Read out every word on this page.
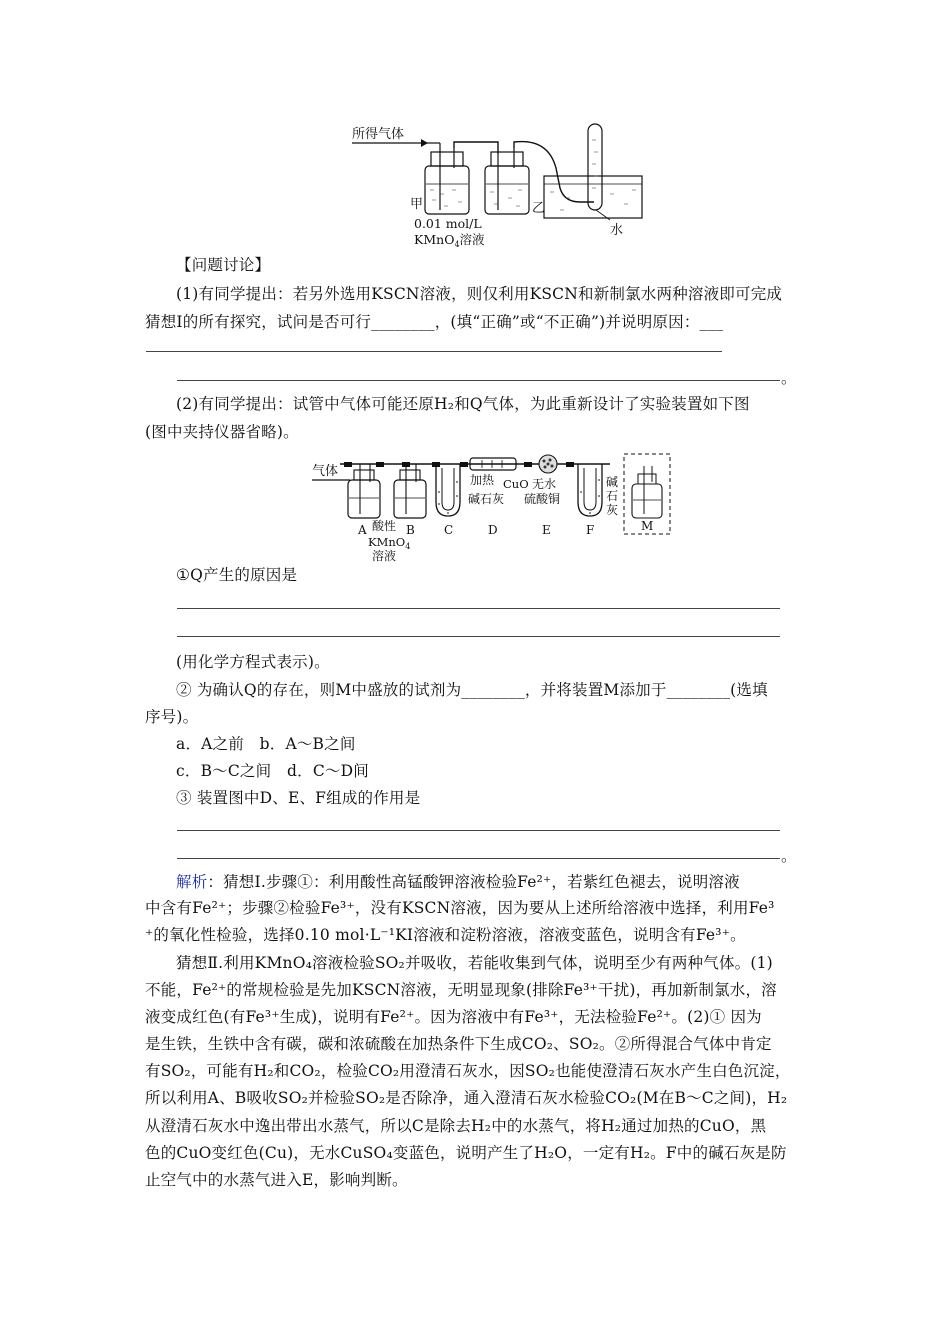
所得气体
甲	乙
水
0.01 mol/L
KMnO$_4$溶液
【问题讨论】
(1)有同学提出：若另外选用KSCN溶液，则仅利用KSCN和新制氯水两种溶液即可完成
猜想Ⅰ的所有探究，试问是否可行________，(填“正确”或“不正确”)并说明原因：___
。
(2)有同学提出：试管中气体可能还原H₂和Q气体，为此重新设计了实验装置如下图
(图中夹持仪器省略)。
气体
加热 CuO 无水
硫酸铜
碱石灰
碱
石
灰
A 酸性 B
KMnO$_4$
溶液
C	D	E	F	M
①Q产生的原因是
(用化学方程式表示)。
② 为确认Q的存在，则M中盛放的试剂为________，并将装置M添加于________(选填
序号)。
a．A之前　b．A～B之间
c．B～C之间　d．C～D间
③ 装置图中D、E、F组成的作用是
。
解析：猜想Ⅰ.步骤①：利用酸性高锰酸钾溶液检验Fe²⁺，若紫红色褪去，说明溶液
中含有Fe²⁺；步骤②检验Fe³⁺，没有KSCN溶液，因为要从上述所给溶液中选择，利用Fe³
⁺的氧化性检验，选择0.10 mol·L⁻¹KI溶液和淀粉溶液，溶液变蓝色，说明含有Fe³⁺。
猜想Ⅱ.利用KMnO₄溶液检验SO₂并吸收，若能收集到气体，说明至少有两种气体。(1)
不能，Fe²⁺的常规检验是先加KSCN溶液，无明显现象(排除Fe³⁺干扰)，再加新制氯水，溶
液变成红色(有Fe³⁺生成)，说明有Fe²⁺。因为溶液中有Fe³⁺，无法检验Fe²⁺。(2)① 因为
是生铁，生铁中含有碳，碳和浓硫酸在加热条件下生成CO₂、SO₂。②所得混合气体中肯定
有SO₂，可能有H₂和CO₂，检验CO₂用澄清石灰水，因SO₂也能使澄清石灰水产生白色沉淀，
所以利用A、B吸收SO₂并检验SO₂是否除净，通入澄清石灰水检验CO₂(M在B～C之间)，H₂
从澄清石灰水中逸出带出水蒸气，所以C是除去H₂中的水蒸气，将H₂通过加热的CuO，黑
色的CuO变红色(Cu)，无水CuSO₄变蓝色，说明产生了H₂O，一定有H₂。F中的碱石灰是防
止空气中的水蒸气进入E，影响判断。
